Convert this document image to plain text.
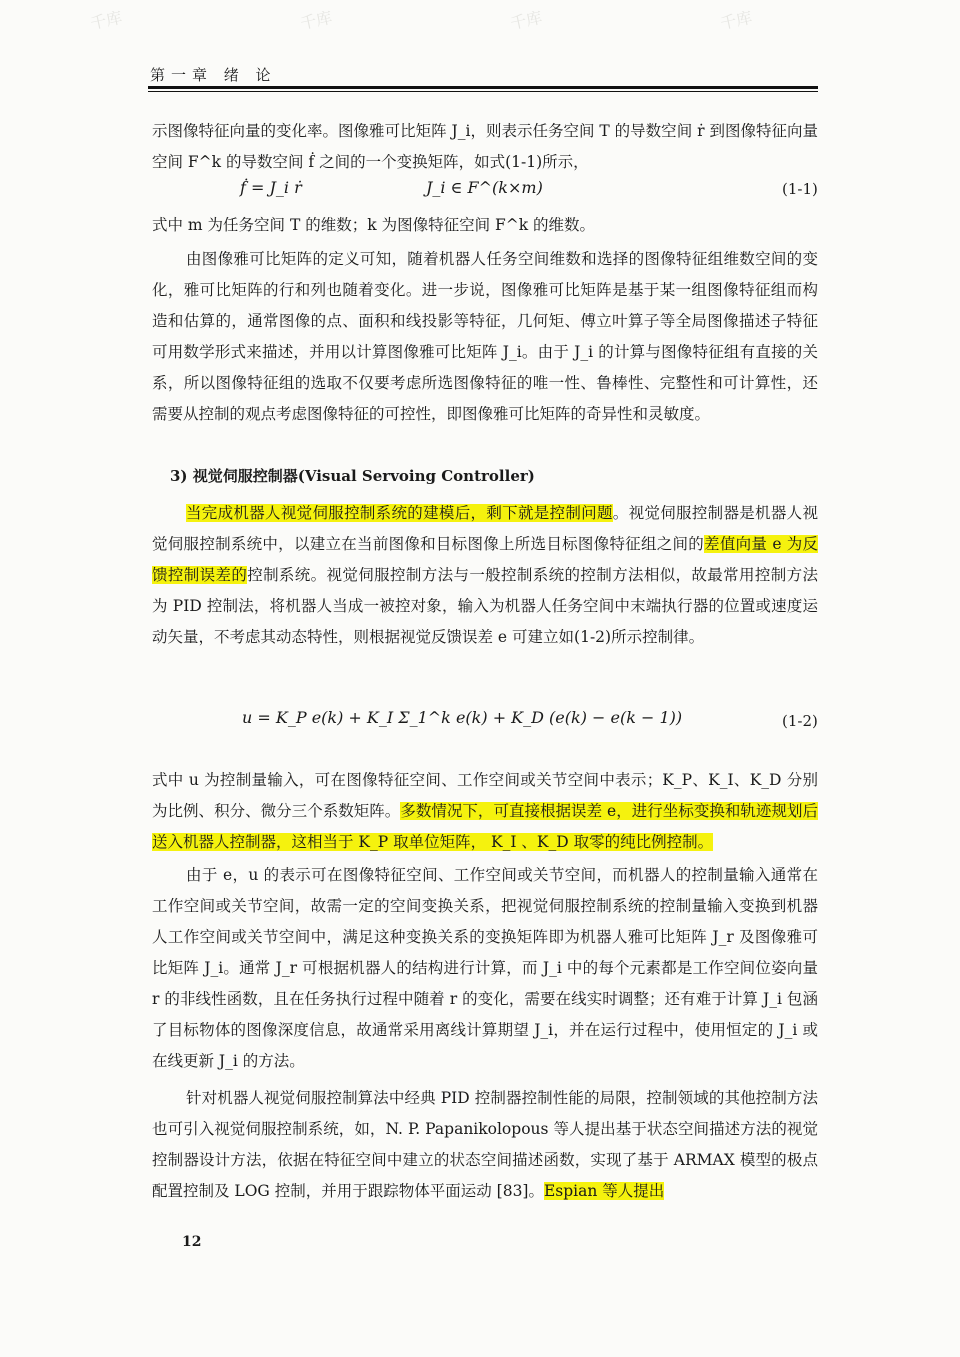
千库	千库	千库	千库
第一章 绪 论

示图像特征向量的变化率。图像雅可比矩阵 J_i，则表示任务空间 T 的导数空间 ṙ 到图像特征向量空间 F^k 的导数空间 ḟ 之间的一个变换矩阵，如式(1-1)所示，

ḟ = J_i ṙ	J_i ∈ F^(k×m)	(1-1)

式中 m 为任务空间 T 的维数；k 为图像特征空间 F^k 的维数。

由图像雅可比矩阵的定义可知，随着机器人任务空间维数和选择的图像特征组维数空间的变化，雅可比矩阵的行和列也随着变化。进一步说，图像雅可比矩阵是基于某一组图像特征组而构造和估算的，通常图像的点、面积和线投影等特征，几何矩、傅立叶算子等全局图像描述子特征可用数学形式来描述，并用以计算图像雅可比矩阵 J_i。由于 J_i 的计算与图像特征组有直接的关系，所以图像特征组的选取不仅要考虑所选图像特征的唯一性、鲁棒性、完整性和可计算性，还需要从控制的观点考虑图像特征的可控性，即图像雅可比矩阵的奇异性和灵敏度。

3) 视觉伺服控制器(Visual Servoing Controller)

当完成机器人视觉伺服控制系统的建模后，剩下就是控制问题。视觉伺服控制器是机器人视觉伺服控制系统中，以建立在当前图像和目标图像上所选目标图像特征组之间的差值向量 e 为反馈控制误差的控制系统。视觉伺服控制方法与一般控制系统的控制方法相似，故最常用控制方法为 PID 控制法，将机器人当成一被控对象，输入为机器人任务空间中末端执行器的位置或速度运动矢量，不考虑其动态特性，则根据视觉反馈误差 e 可建立如(1-2)所示控制律。

u = K_P e(k) + K_I Σ_1^k e(k) + K_D (e(k) − e(k − 1))	(1-2)

式中 u 为控制量输入，可在图像特征空间、工作空间或关节空间中表示；K_P、K_I、K_D 分别为比例、积分、微分三个系数矩阵。多数情况下，可直接根据误差 e，进行坐标变换和轨迹规划后送入机器人控制器，这相当于 K_P 取单位矩阵， K_I 、K_D 取零的纯比例控制。

由于 e，u 的表示可在图像特征空间、工作空间或关节空间，而机器人的控制量输入通常在工作空间或关节空间，故需一定的空间变换关系，把视觉伺服控制系统的控制量输入变换到机器人工作空间或关节空间中，满足这种变换关系的变换矩阵即为机器人雅可比矩阵 J_r 及图像雅可比矩阵 J_i。通常 J_r 可根据机器人的结构进行计算，而 J_i 中的每个元素都是工作空间位姿向量 r 的非线性函数，且在任务执行过程中随着 r 的变化，需要在线实时调整；还有难于计算 J_i 包涵了目标物体的图像深度信息，故通常采用离线计算期望 J_i，并在运行过程中，使用恒定的 J_i 或在线更新 J_i 的方法。

针对机器人视觉伺服控制算法中经典 PID 控制器控制性能的局限，控制领域的其他控制方法也可引入视觉伺服控制系统，如，N. P. Papanikolopous 等人提出基于状态空间描述方法的视觉控制器设计方法，依据在特征空间中建立的状态空间描述函数，实现了基于 ARMAX 模型的极点配置控制及 LOG 控制，并用于跟踪物体平面运动 [83]。Espian 等人提出

12
